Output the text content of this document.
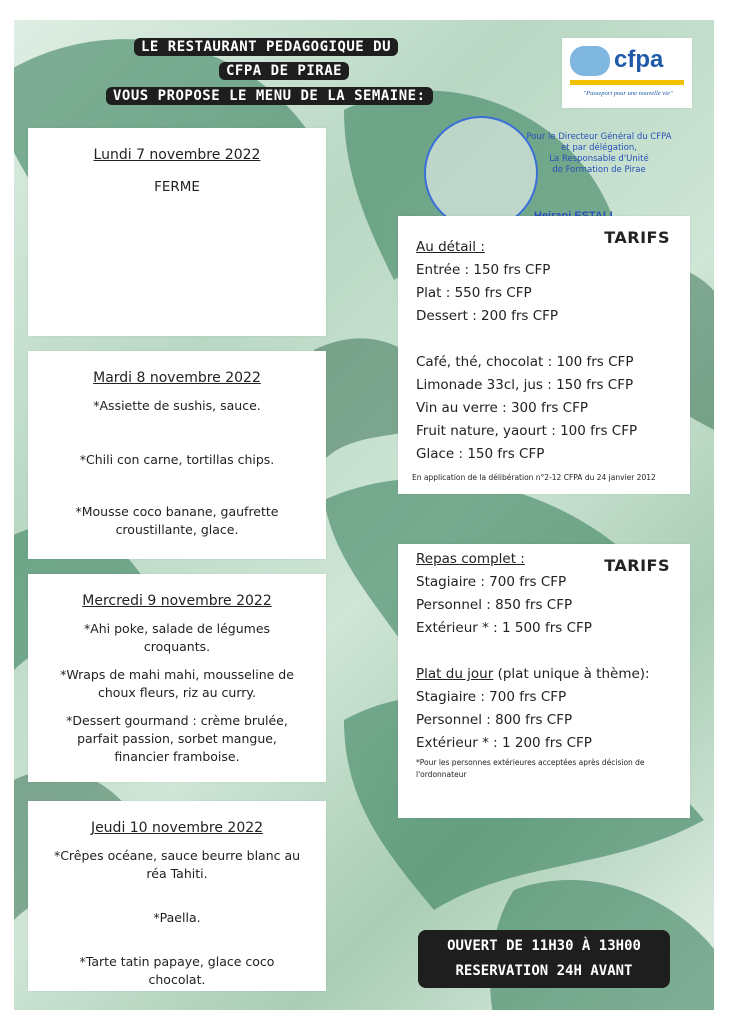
LE RESTAURANT PEDAGOGIQUE DU
CFPA DE PIRAE
VOUS PROPOSE LE MENU DE LA SEMAINE:
cfpa
"Passeport pour une nouvelle vie"
Pour le Directeur Général du CFPA
et par délégation,
La Responsable d'Unité
de Formation de Pirae
Lundi 7 novembre 2022

FERME

Mardi 8 novembre 2022

*Assiette de sushis, sauce.

*Chili con carne, tortillas chips.

*Mousse coco banane, gaufrette croustillante, glace.

Mercredi 9 novembre 2022

*Ahi poke, salade de légumes croquants.

*Wraps de mahi mahi, mousseline de choux fleurs, riz au curry.

*Dessert gourmand : crème brulée, parfait passion, sorbet mangue, financier framboise.

Jeudi 10 novembre 2022

*Crêpes océane, sauce beurre blanc au réa Tahiti.

*Paella.

*Tarte tatin papaye, glace coco chocolat.

TARIFS
Au détail :
Entrée : 150 frs CFP
Plat : 550 frs CFP
Dessert : 200 frs CFP
Café, thé, chocolat : 100 frs CFP
Limonade 33cl, jus : 150 frs CFP
Vin au verre : 300 frs CFP
Fruit nature, yaourt : 100 frs CFP
Glace : 150 frs CFP
En application de la délibération n°2-12 CFPA du 24 janvier 2012
TARIFS
Repas complet :
Stagiaire : 700 frs CFP
Personnel : 850 frs CFP
Extérieur * : 1 500 frs CFP
Plat du jour (plat unique à thème):
Stagiaire : 700 frs CFP
Personnel : 800 frs CFP
Extérieur * : 1 200 frs CFP
*Pour les personnes extérieures acceptées après décision de l'ordonnateur
OUVERT DE 11H30 À 13H00
RESERVATION 24H AVANT
